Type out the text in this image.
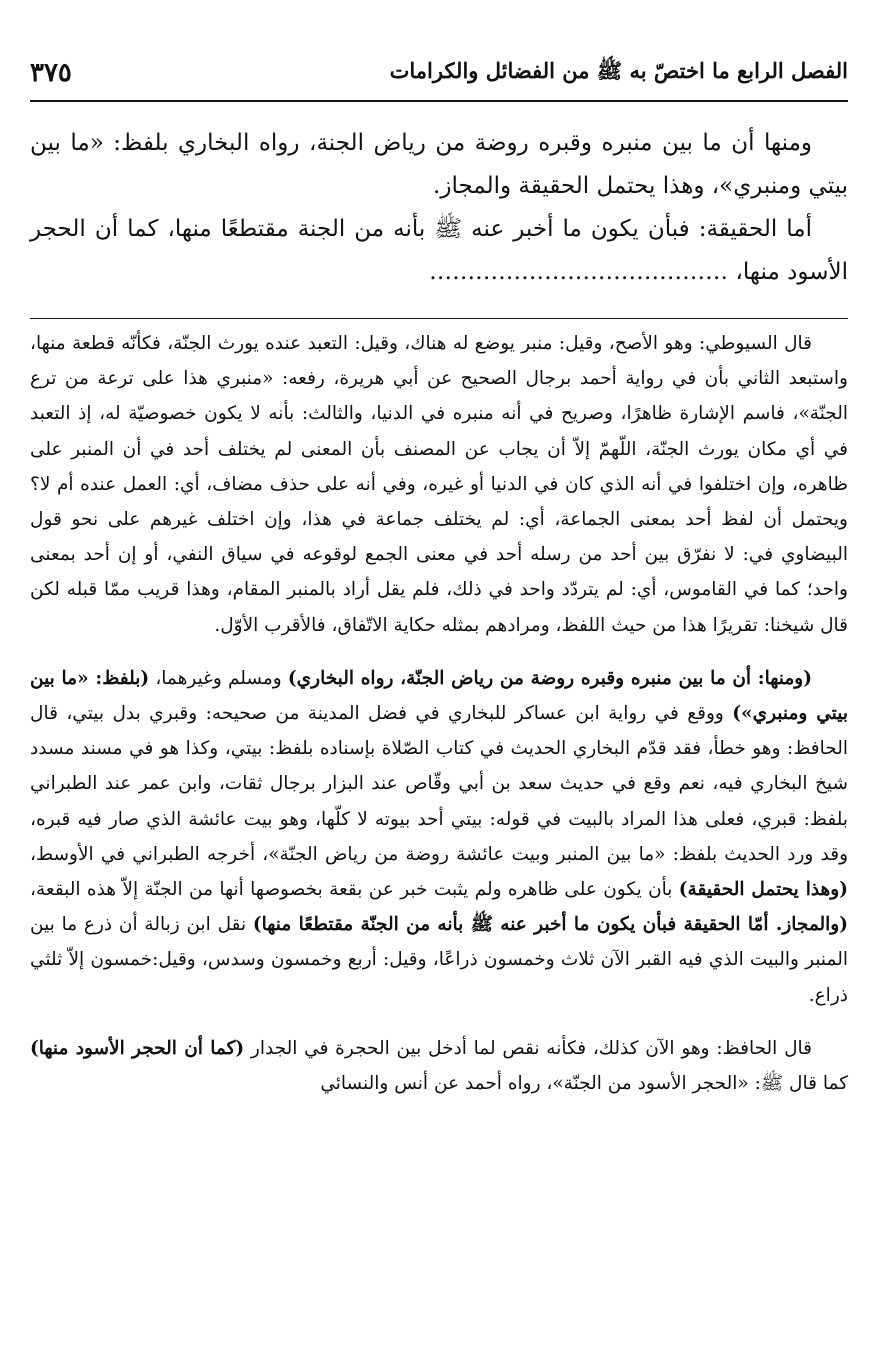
الفصل الرابع ما اختصّ به ﷺ من الفضائل والكرامات
٣٧٥

ومنها أن ما بين منبره وقبره روضة من رياض الجنة، رواه البخاري بلفظ: «ما بين بيتي ومنبري»، وهذا يحتمل الحقيقة والمجاز.

أما الحقيقة: فبأن يكون ما أخبر عنه ﷺ بأنه من الجنة مقتطعًا منها، كما أن الحجر الأسود منها، …………………………………

قال السيوطي: وهو الأصح، وقيل: منبر يوضع له هناك، وقيل: التعبد عنده يورث الجنّة، فكأنّه قطعة منها، واستبعد الثاني بأن في رواية أحمد برجال الصحيح عن أبي هريرة، رفعه: «منبري هذا على ترعة من ترع الجنّة»، فاسم الإشارة ظاهرًا، وصريح في أنه منبره في الدنيا، والثالث: بأنه لا يكون خصوصيّة له، إذ التعبد في أي مكان يورث الجنّة، اللّهمّ إلاّ أن يجاب عن المصنف بأن المعنى لم يختلف أحد في أن المنبر على ظاهره، وإن اختلفوا في أنه الذي كان في الدنيا أو غيره، وفي أنه على حذف مضاف، أي: العمل عنده أم لا؟ ويحتمل أن لفظ أحد بمعنى الجماعة، أي: لم يختلف جماعة في هذا، وإن اختلف غيرهم على نحو قول البيضاوي في: لا نفرّق بين أحد من رسله أحد في معنى الجمع لوقوعه في سياق النفي، أو إن أحد بمعنى واحد؛ كما في القاموس، أي: لم يتردّد واحد في ذلك، فلم يقل أراد بالمنبر المقام، وهذا قريب ممّا قبله لكن قال شيخنا: تقريرًا هذا من حيث اللفظ، ومرادهم بمثله حكاية الاتّفاق، فالأقرب الأوّل.

(ومنها: أن ما بين منبره وقبره روضة من رياض الجنّة، رواه البخاري) ومسلم وغيرهما، (بلفظ: «ما بين بيتي ومنبري») ووقع في رواية ابن عساكر للبخاري في فضل المدينة من صحيحه: وقبري بدل بيتي، قال الحافظ: وهو خطأ، فقد قدّم البخاري الحديث في كتاب الصّلاة بإسناده بلفظ: بيتي، وكذا هو في مسند مسدد شيخ البخاري فيه، نعم وقع في حديث سعد بن أبي وقّاص عند البزار برجال ثقات، وابن عمر عند الطبراني بلفظ: قبري، فعلى هذا المراد بالبيت في قوله: بيتي أحد بيوته لا كلّها، وهو بيت عائشة الذي صار فيه قبره، وقد ورد الحديث بلفظ: «ما بين المنبر وبيت عائشة روضة من رياض الجنّة»، أخرجه الطبراني في الأوسط، (وهذا يحتمل الحقيقة) بأن يكون على ظاهره ولم يثبت خبر عن بقعة بخصوصها أنها من الجنّة إلاّ هذه البقعة، (والمجاز. أمّا الحقيقة فبأن يكون ما أخبر عنه ﷺ بأنه من الجنّة مقتطعًا منها) نقل ابن زبالة أن ذرع ما بين المنبر والبيت الذي فيه القبر الآن ثلاث وخمسون ذراعًا، وقيل: أربع وخمسون وسدس، وقيل:خمسون إلاّ ثلثي ذراع.

قال الحافظ: وهو الآن كذلك، فكأنه نقص لما أدخل بين الحجرة في الجدار (كما أن الحجر الأسود منها) كما قال ﷺ: «الحجر الأسود من الجنّة»، رواه أحمد عن أنس والنسائي
